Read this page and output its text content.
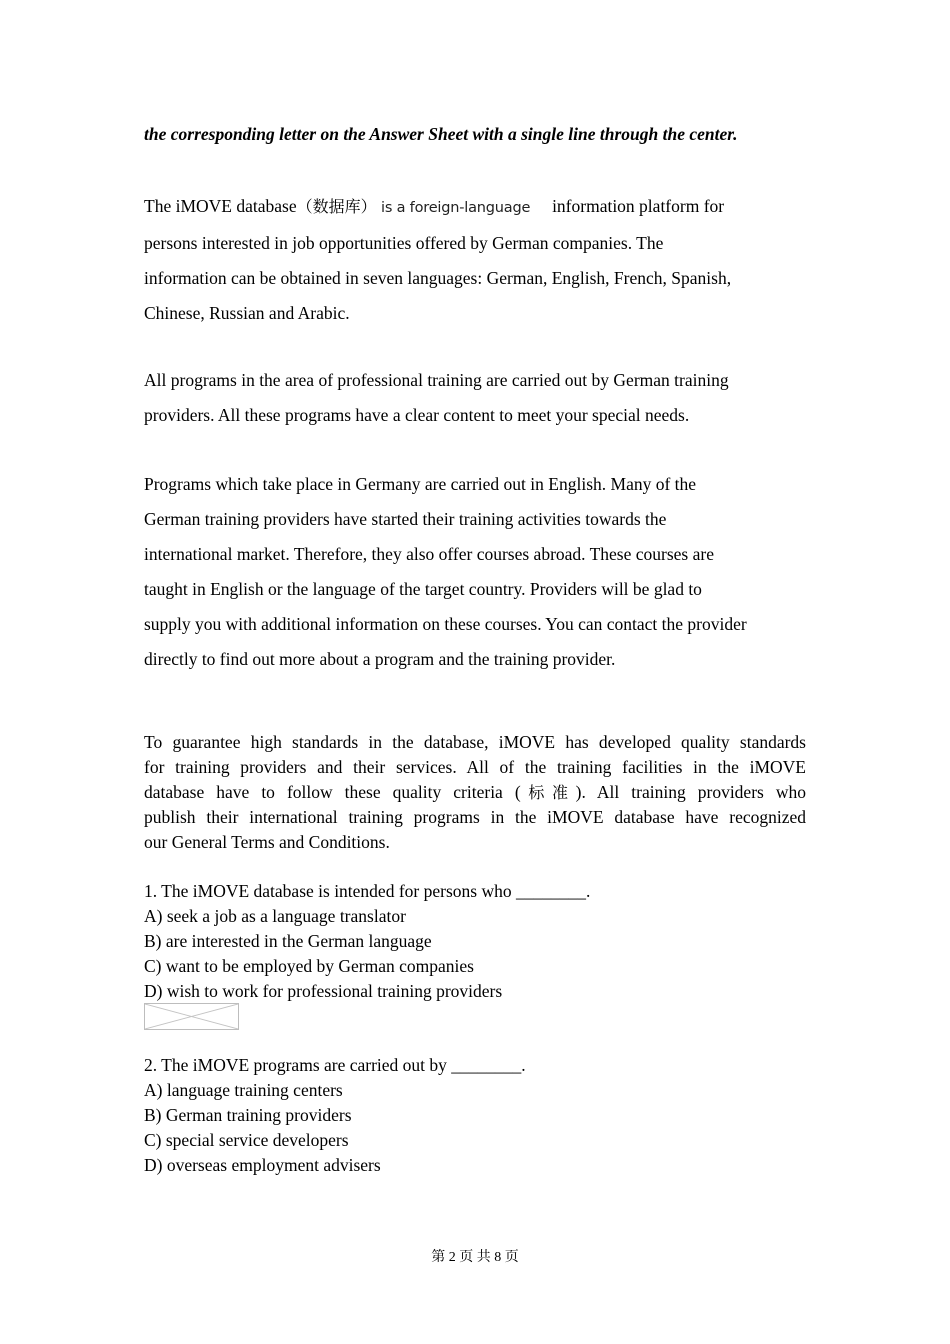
the corresponding letter on the Answer Sheet with a single line through the center.
The iMOVE database（数据库） is a foreign-language information platform for
persons interested in job opportunities offered by German companies. The
information can be obtained in seven languages: German, English, French, Spanish,
Chinese, Russian and Arabic.
All programs in the area of professional training are carried out by German training
providers. All these programs have a clear content to meet your special needs.
Programs which take place in Germany are carried out in English. Many of the
German training providers have started their training activities towards the
international market. Therefore, they also offer courses abroad. These courses are
taught in English or the language of the target country. Providers will be glad to
supply you with additional information on these courses. You can contact the provider
directly to find out more about a program and the training provider.
To guarantee high standards in the database, iMOVE has developed quality standards
for training providers and their services. All of the training facilities in the iMOVE
database have to follow these quality criteria (标准). All training providers who
publish their international training programs in the iMOVE database have recognized
our General Terms and Conditions.
1. The iMOVE database is intended for persons who ________.
A) seek a job as a language translator
B) are interested in the German language
C) want to be employed by German companies
D) wish to work for professional training providers
2. The iMOVE programs are carried out by ________.
A) language training centers
B) German training providers
C) special service developers
D) overseas employment advisers
第 2 页 共 8 页
